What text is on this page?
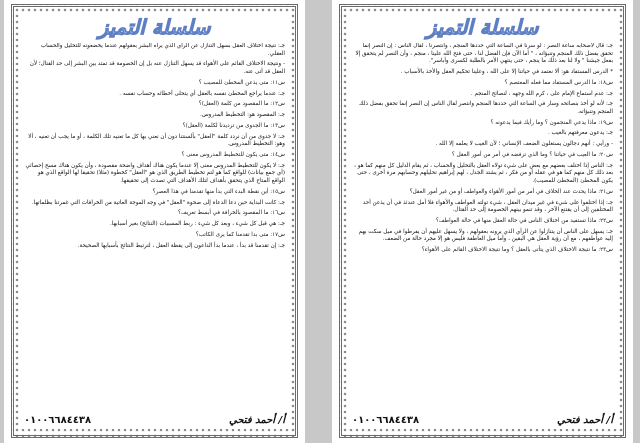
سلسلة التميز

جـ: نتيجة اختلاف العقل بسهل التنازل عن الرأي الذي يراه البشر بعقولهم عندما يخضعونه للتحليل والحساب العقلي.

- ونتيجة الاختلاف القائم على الأهواء قد يسهل التنازل عنه بل إن الخصومة قد تمتد بين البشر إلى حد القتال؛ لأن العقل قد أتى عنه.

س١١: متى يذعن المخطئ للمصيب ؟

جـ: عندما يراجع المخطئ نفسه بالعقل أي يتحلى أخطائه وحساب نفسه .

س١٢: ما المقصود من كلمة (العقل)؟

جـ: المقصود هو: التخطيط المدروس.

س١٣: ما الجدوى من ترديدنا لكلمة (العقل)؟

جـ: لا جدوى من أن نردد كلمة "العقل" بألسنتنا دون أن نعني بها كل ما تعنيه تلك الكلمة ، أو ما يجب أن تعنيه ، ألا وهو: التخطيط المدروس.

س١٤: متى يكون للتخطيط المدروس معنى ؟

جـ: لا يكون للتخطيط المدروس معنى إلا عندما يكون هناك أهداف واضحة مقصودة ، وأن يكون هناك مسح إحصائي (أي جمع بيانات) للواقع كما هو لتم تخطيط الطريق الذي هو "العقل" كخطوة (مثلا) تحقيقا لها الواقع الذي هو الواقع المتاح الذي يتحقق بأهداف لتلك الأهداف التي تصدت إلى تحقيقها.

س١٥: أين نقطة البدء التي بدأ منها تقدمنا في هذا العصر؟

جـ: كانت البداية حين دعا الدعاة إلى صحوة "العقل" في وجه الموجة العاتية من الخرافات التي غمرتنا بظلماتها.

س١٦: ما المقصود بالخرافة في أبسط تعريف؟

جـ: هي قبل كل شيء ، وبعد كل شيء : ربط المسببات (النتائج) بغير أسبابها.

س١٧: متى بدا تقدمنا كما يرى الكاتب؟

جـ: إن تقدمنا قد بدأ ، عندما بدأ الداعون إلى يقظة العقل ، لترتبط النتائج بأسبابها الصحيحة.

٠١٠٠٦٦٨٤٤٣٨	أ/ أحمد فتحي
سلسلة التميز

جـ: قال لأصحابه ساعة النصر : لو سرنا في الساعة التي حددها المنجم ، وانتصرنا ، لقال الناس : إن النصر إنما تحقق بفضل ذلك المنجم وتنبؤاته ، " أما الآن فإن الفضل لنا ، حتى فتح الله علينا ، منجم ، وأن النصر لم يتحقق إلا بفعل جيشنا " ولا لنا بعد ذلك ما ينجم ، حتى ينتهي الأمر بالطلبة لكسرى وأباسر".

* الدرس المستفاد هو: ألا نعتمد في حياتنا إلا على الله ، وعلينا تحكيم العقل والأخذ بالأسباب .

س١٨: ما الدرس المستفاد مما فعله المعتصم ؟

جـ: عدم استماع الإمام على ، كرم الله وجهه ، لنصائح المنجم .

جـ: لأنه لو أخذ بنصائحه وسار في الساعة التي حددها المنجم وانتصر لقال الناس إن النصر إنما تحقق بفضل ذلك المنجم وتنبؤاته.

س١٩: ماذا يدعي المنجمون ؟ وما رأيك فيما يدعونه ؟

جـ: يدعون معرفتهم بالغيب .

- ورأيي : أنهم دجالون يستغلون الضعف الإنساني ؛ لأن الغيب لا يعلمه إلا الله .

س٢٠: ما العيب في حياتنا ؟ وما الذي ترفضه في أمر من أمور العقل ؟

جـ: الناس إذا اختلف بعضهم مع بعض على شيء تولاه العقل بالتحليل والحساب ، ثم يقام الدليل كل منهم كما هو ، بعد ذلك كل منهم كما هو في عقله أو من فكر ، ثم يشتد الجدل ، لهم إبراهيم تحليلهم وحسابهم مرة أخرى ، حتى يكون المخطئ (المخطئ للمصيب).

س٢١: ماذا يحدث عند الخلاف في أمر من أمور الأهواء والعواطف أو من غير أمور العقل؟

جـ: إذا اختلفوا على شيء في غير ميدان العقل ، شيء تولته العواطف والأهواء فلا أمل عندئذ في أن يذعن أحد المختلفين إلى أن يقتنع الآخر ، وقد تنمو بينهم الخصومة إلى حد القتال.

س٢٢: ماذا تستفيد من اختلاف الناس في حالة العقل منها في حالة العواطف؟

جـ: يسهل على الناس أن يتنازلوا عن الرأي الذي يرونه بعقولهم ، ولا يسهل عليهم أن يفرطوا في ميل سكت بهم إليه عواطفهم ، مع أن رؤية العقل هي البقين ، وأما ميل العاطفة فليس هو إلا مجرد حالة من الضعف.

س٢٣: ما نتيجة الاختلاف الذي يتأتى بالعقل ؟ وما نتيجة الاختلاف القائم على الأهواء؟

٠١٠٠٦٦٨٤٤٣٨	أ/ أحمد فتحي
